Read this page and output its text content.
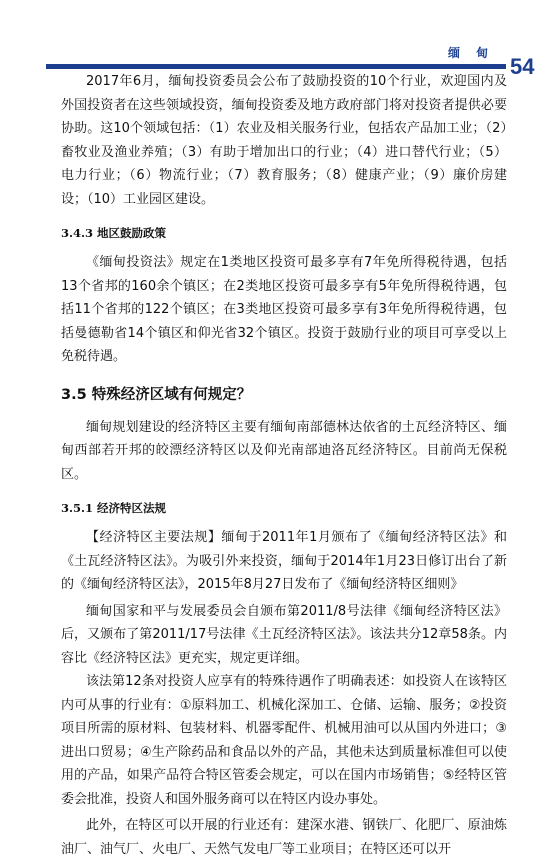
缅 甸
54

2017年6月，缅甸投资委员会公布了鼓励投资的10个行业，欢迎国内及外国投资者在这些领域投资，缅甸投资委及地方政府部门将对投资者提供必要协助。这10个领域包括：（1）农业及相关服务行业，包括农产品加工业；（2）畜牧业及渔业养殖；（3）有助于增加出口的行业；（4）进口替代行业；（5）电力行业；（6）物流行业；（7）教育服务；（8）健康产业；（9）廉价房建设；（10）工业园区建设。

3.4.3 地区鼓励政策

《缅甸投资法》规定在1类地区投资可最多享有7年免所得税待遇，包括13个省邦的160余个镇区；在2类地区投资可最多享有5年免所得税待遇，包括11个省邦的122个镇区；在3类地区投资可最多享有3年免所得税待遇，包括曼德勒省14个镇区和仰光省32个镇区。投资于鼓励行业的项目可享受以上免税待遇。

3.5 特殊经济区域有何规定？

缅甸规划建设的经济特区主要有缅甸南部德林达依省的土瓦经济特区、缅甸西部若开邦的皎漂经济特区以及仰光南部迪洛瓦经济特区。目前尚无保税区。

3.5.1 经济特区法规

【经济特区主要法规】缅甸于2011年1月颁布了《缅甸经济特区法》和《土瓦经济特区法》。为吸引外来投资，缅甸于2014年1月23日修订出台了新的《缅甸经济特区法》，2015年8月27日发布了《缅甸经济特区细则》

缅甸国家和平与发展委员会自颁布第2011/8号法律《缅甸经济特区法》后，又颁布了第2011/17号法律《土瓦经济特区法》。该法共分12章58条。内容比《经济特区法》更充实，规定更详细。

该法第12条对投资人应享有的特殊待遇作了明确表述：如投资人在该特区内可从事的行业有：①原料加工、机械化深加工、仓储、运输、服务；②投资项目所需的原材料、包装材料、机器零配件、机械用油可以从国内外进口；③进出口贸易；④生产除药品和食品以外的产品，其他未达到质量标准但可以使用的产品，如果产品符合特区管委会规定，可以在国内市场销售；⑤经特区管委会批准，投资人和国外服务商可以在特区内设办事处。

此外，在特区可以开展的行业还有：建深水港、钢铁厂、化肥厂、原油炼油厂、油气厂、火电厂、天然气发电厂等工业项目；在特区还可以开
